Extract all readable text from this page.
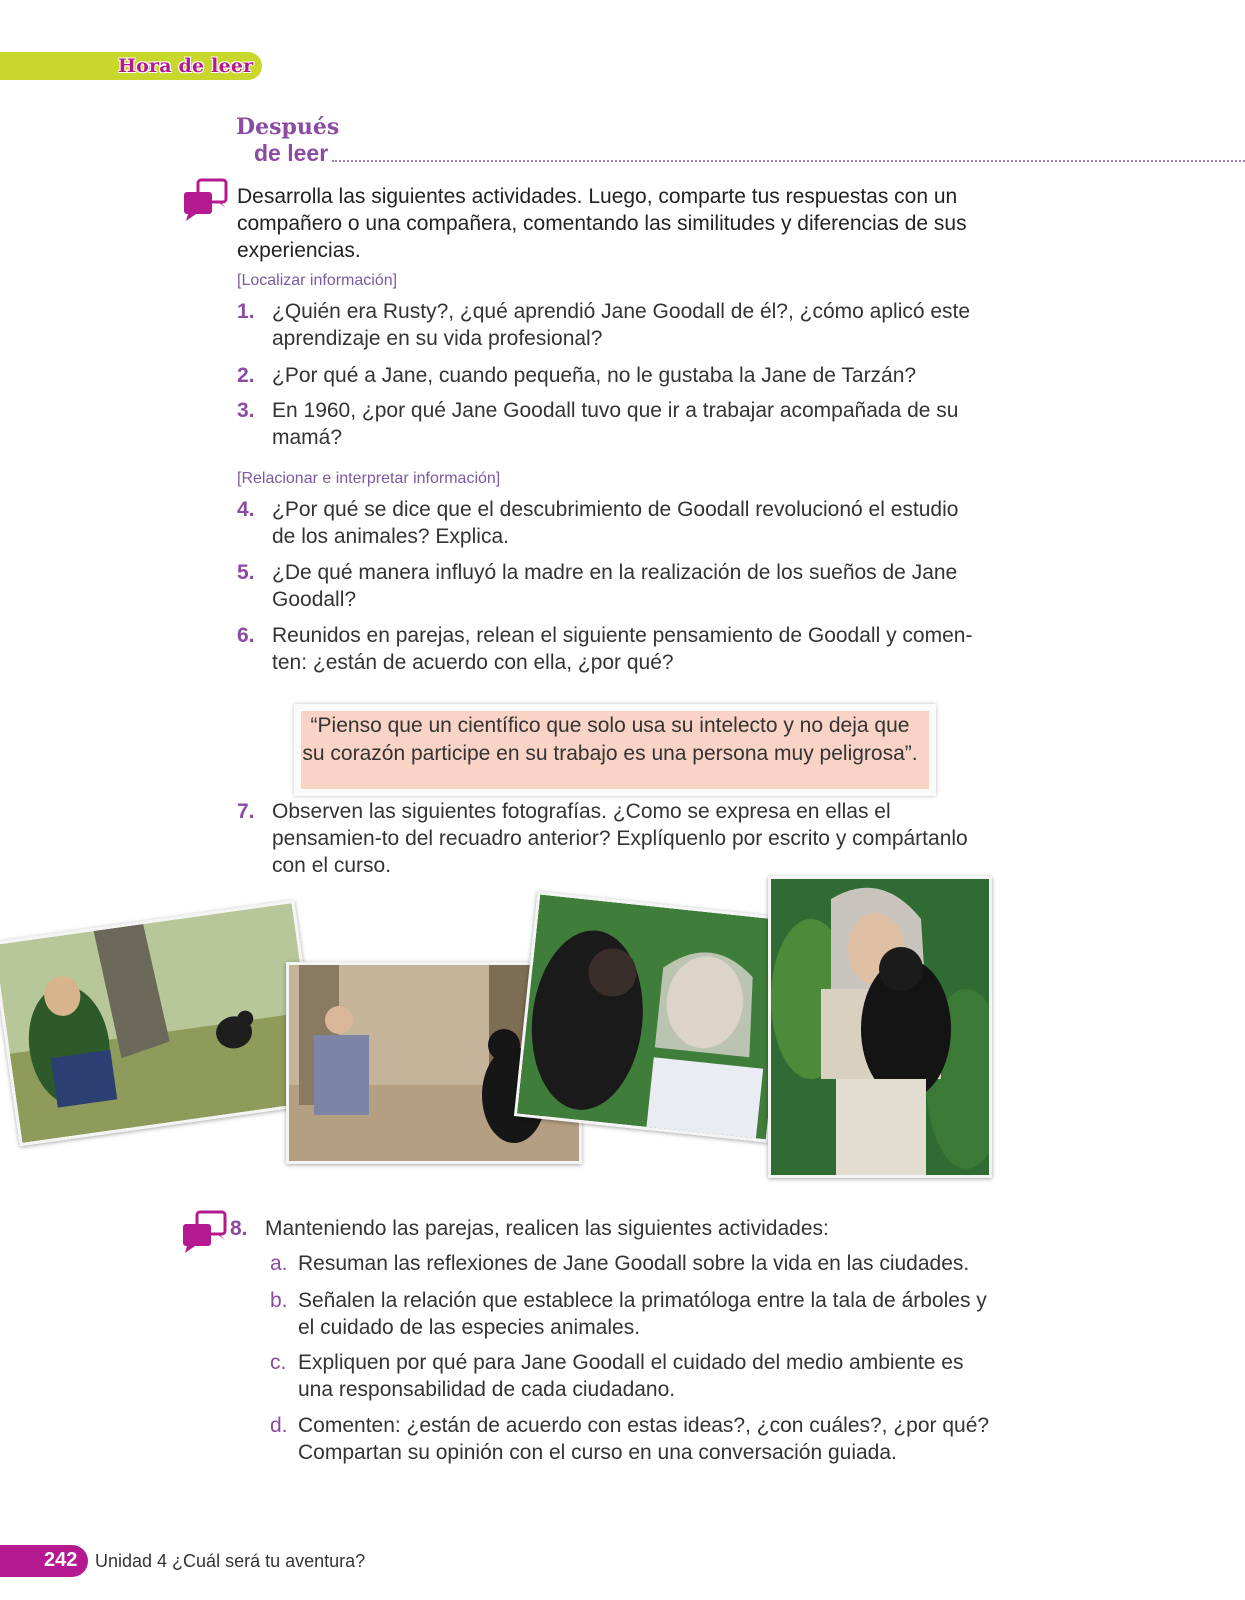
Hora de leer
Después
de leer
Desarrolla las siguientes actividades. Luego, comparte tus respuestas con un compañero o una compañera, comentando las similitudes y diferencias de sus experiencias.
[Localizar información]
1. ¿Quién era Rusty?, ¿qué aprendió Jane Goodall de él?, ¿cómo aplicó este aprendizaje en su vida profesional?
2. ¿Por qué a Jane, cuando pequeña, no le gustaba la Jane de Tarzán?
3. En 1960, ¿por qué Jane Goodall tuvo que ir a trabajar acompañada de su mamá?
[Relacionar e interpretar información]
4. ¿Por qué se dice que el descubrimiento de Goodall revolucionó el estudio de los animales? Explica.
5. ¿De qué manera influyó la madre en la realización de los sueños de Jane Goodall?
6. Reunidos en parejas, relean el siguiente pensamiento de Goodall y comen-ten: ¿están de acuerdo con ella, ¿por qué?
“Pienso que un científico que solo usa su intelecto y no deja que su corazón participe en su trabajo es una persona muy peligrosa”.
7. Observen las siguientes fotografías. ¿Como se expresa en ellas el pensamien-to del recuadro anterior? Explíquenlo por escrito y compártanlo con el curso.
8. Manteniendo las parejas, realicen las siguientes actividades:
a. Resuman las reflexiones de Jane Goodall sobre la vida en las ciudades.
b. Señalen la relación que establece la primatóloga entre la tala de árboles y el cuidado de las especies animales.
c. Expliquen por qué para Jane Goodall el cuidado del medio ambiente es una responsabilidad de cada ciudadano.
d. Comenten: ¿están de acuerdo con estas ideas?, ¿con cuáles?, ¿por qué? Compartan su opinión con el curso en una conversación guiada.
242 Unidad 4 ¿Cuál será tu aventura?
